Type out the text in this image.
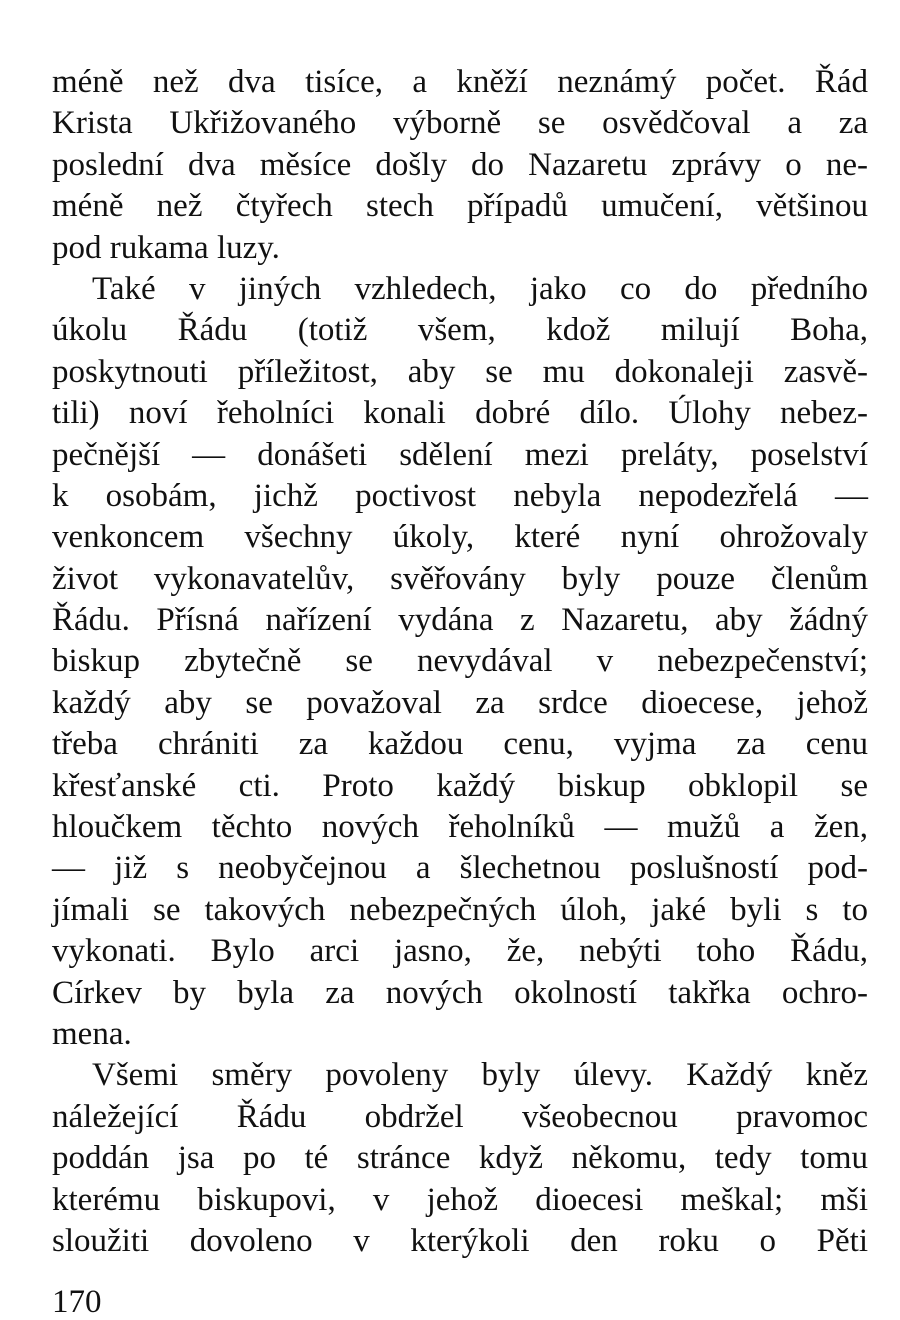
méně než dva tisíce, a kněží neznámý počet. Řád
Krista Ukřižovaného výborně se osvědčoval a za
poslední dva měsíce došly do Nazaretu zprávy o ne-
méně než čtyřech stech případů umučení, většinou
pod rukama luzy.
Také v jiných vzhledech, jako co do předního
úkolu Řádu (totiž všem, kdož milují Boha,
poskytnouti příležitost, aby se mu dokonaleji zasvě-
tili) noví řeholníci konali dobré dílo. Úlohy nebez-
pečnější — donášeti sdělení mezi preláty, poselství
k osobám, jichž poctivost nebyla nepodezřelá —
venkoncem všechny úkoly, které nyní ohrožovaly
život vykonavatelův, svěřovány byly pouze členům
Řádu. Přísná nařízení vydána z Nazaretu, aby žádný
biskup zbytečně se nevydával v nebezpečenství;
každý aby se považoval za srdce dioecese, jehož
třeba chrániti za každou cenu, vyjma za cenu
křesťanské cti. Proto každý biskup obklopil se
hloučkem těchto nových řeholníků — mužů a žen,
— již s neobyčejnou a šlechetnou poslušností pod-
jímali se takových nebezpečných úloh, jaké byli s to
vykonati. Bylo arci jasno, že, nebýti toho Řádu,
Církev by byla za nových okolností takřka ochro-
mena.
Všemi směry povoleny byly úlevy. Každý kněz
náležející Řádu obdržel všeobecnou pravomoc
poddán jsa po té stránce když někomu, tedy tomu
kterému biskupovi, v jehož dioecesi meškal; mši
sloužiti dovoleno v kterýkoli den roku o Pěti
170
